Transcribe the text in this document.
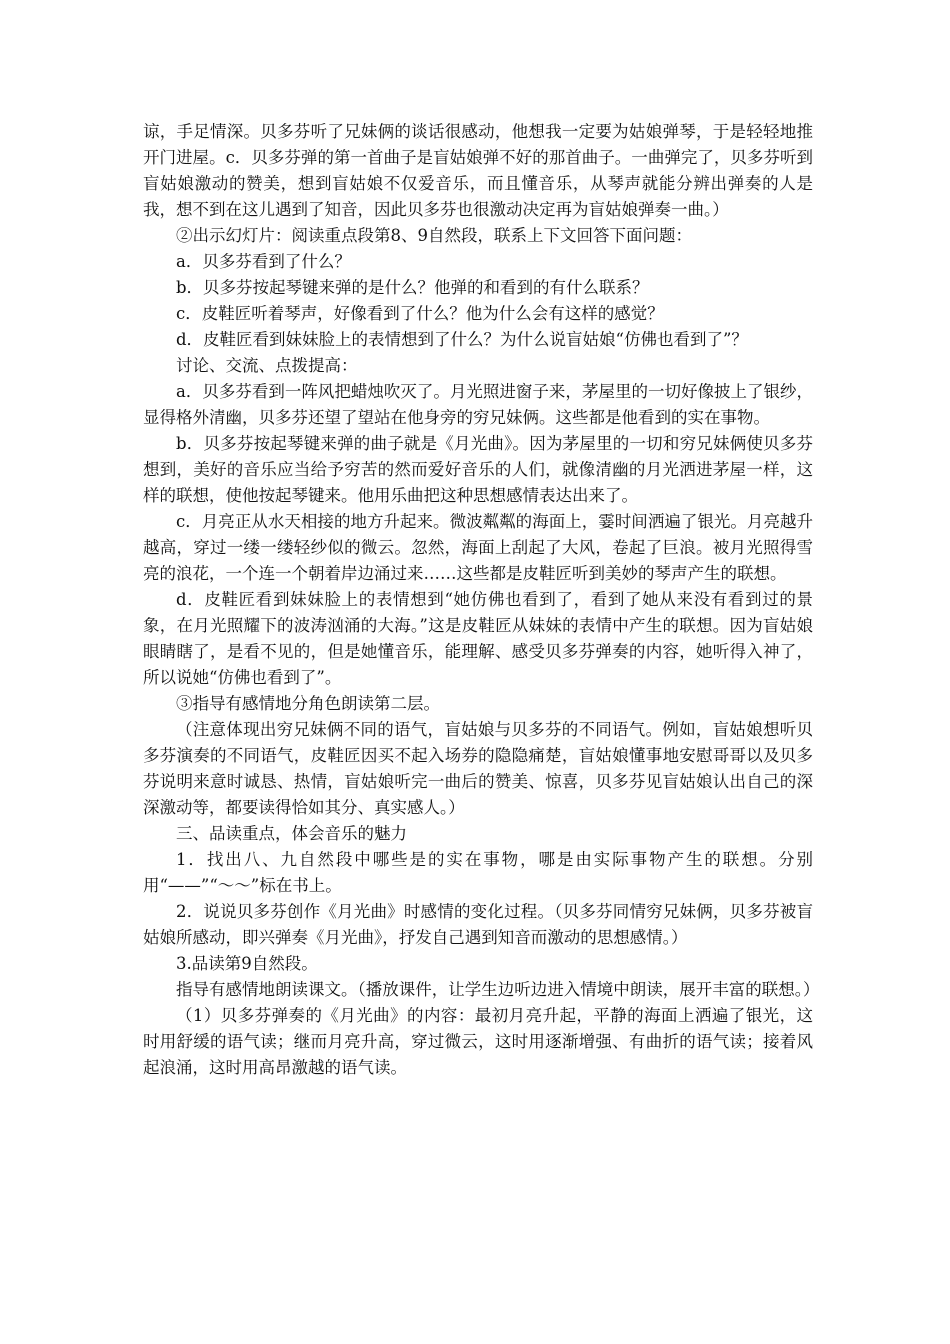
谅，手足情深。贝多芬听了兄妹俩的谈话很感动，他想我一定要为姑娘弹琴，于是轻轻地推开门进屋。c．贝多芬弹的第一首曲子是盲姑娘弹不好的那首曲子。一曲弹完了，贝多芬听到盲姑娘激动的赞美，想到盲姑娘不仅爱音乐，而且懂音乐，从琴声就能分辨出弹奏的人是我，想不到在这儿遇到了知音，因此贝多芬也很激动决定再为盲姑娘弹奏一曲。）

②出示幻灯片：阅读重点段第8、9自然段，联系上下文回答下面问题：

a．贝多芬看到了什么？

b．贝多芬按起琴键来弹的是什么？他弹的和看到的有什么联系？

c．皮鞋匠听着琴声，好像看到了什么？他为什么会有这样的感觉？

d．皮鞋匠看到妹妹脸上的表情想到了什么？为什么说盲姑娘“仿佛也看到了”？

讨论、交流、点拨提高：

a．贝多芬看到一阵风把蜡烛吹灭了。月光照进窗子来，茅屋里的一切好像披上了银纱，显得格外清幽，贝多芬还望了望站在他身旁的穷兄妹俩。这些都是他看到的实在事物。

b．贝多芬按起琴键来弹的曲子就是《月光曲》。因为茅屋里的一切和穷兄妹俩使贝多芬想到，美好的音乐应当给予穷苦的然而爱好音乐的人们，就像清幽的月光洒进茅屋一样，这样的联想，使他按起琴键来。他用乐曲把这种思想感情表达出来了。

c．月亮正从水天相接的地方升起来。微波粼粼的海面上，霎时间洒遍了银光。月亮越升越高，穿过一缕一缕轻纱似的微云。忽然，海面上刮起了大风，卷起了巨浪。被月光照得雪亮的浪花，一个连一个朝着岸边涌过来……这些都是皮鞋匠听到美妙的琴声产生的联想。

d．皮鞋匠看到妹妹脸上的表情想到“她仿佛也看到了，看到了她从来没有看到过的景象，在月光照耀下的波涛汹涌的大海。”这是皮鞋匠从妹妹的表情中产生的联想。因为盲姑娘眼睛瞎了，是看不见的，但是她懂音乐，能理解、感受贝多芬弹奏的内容，她听得入神了，所以说她“仿佛也看到了”。

③指导有感情地分角色朗读第二层。

（注意体现出穷兄妹俩不同的语气，盲姑娘与贝多芬的不同语气。例如，盲姑娘想听贝多芬演奏的不同语气，皮鞋匠因买不起入场券的隐隐痛楚，盲姑娘懂事地安慰哥哥以及贝多芬说明来意时诚恳、热情，盲姑娘听完一曲后的赞美、惊喜，贝多芬见盲姑娘认出自己的深深激动等，都要读得恰如其分、真实感人。）

三、品读重点，体会音乐的魅力

1．找出八、九自然段中哪些是的实在事物，哪是由实际事物产生的联想。分别用“——”“～～”标在书上。

2．说说贝多芬创作《月光曲》时感情的变化过程。（贝多芬同情穷兄妹俩，贝多芬被盲姑娘所感动，即兴弹奏《月光曲》，抒发自己遇到知音而激动的思想感情。）

3.品读第9自然段。

指导有感情地朗读课文。（播放课件，让学生边听边进入情境中朗读，展开丰富的联想。）

（1）贝多芬弹奏的《月光曲》的内容：最初月亮升起，平静的海面上洒遍了银光，这时用舒缓的语气读；继而月亮升高，穿过微云，这时用逐渐增强、有曲折的语气读；接着风起浪涌，这时用高昂激越的语气读。
